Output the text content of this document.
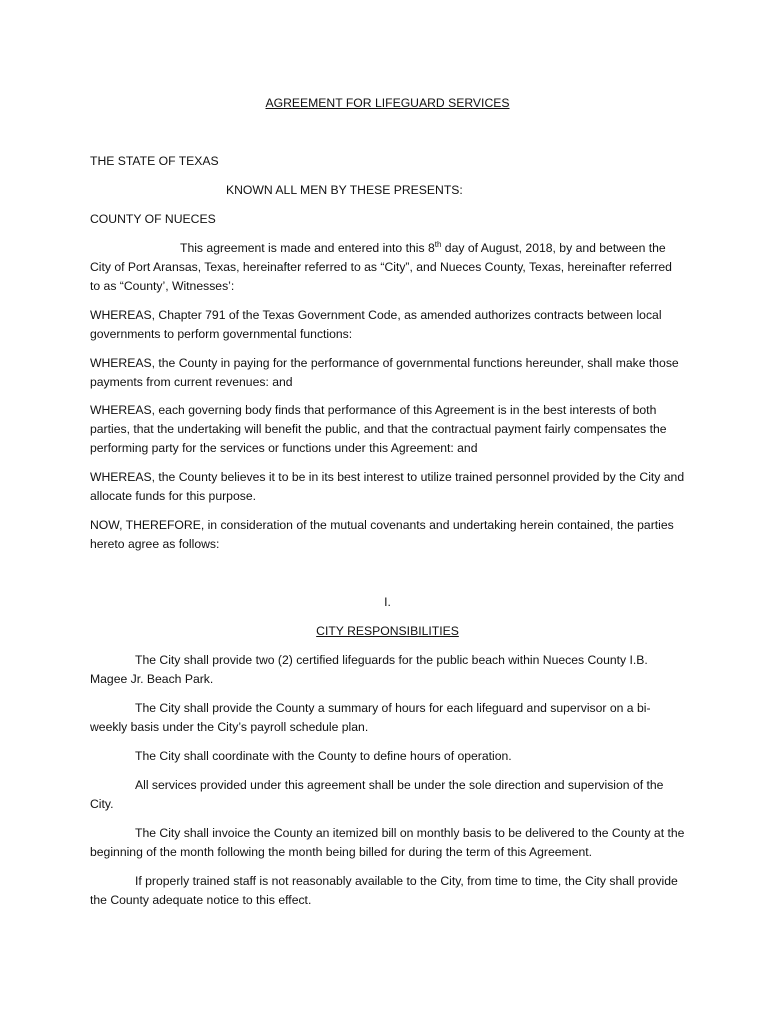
AGREEMENT FOR LIFEGUARD SERVICES

THE STATE OF TEXAS

KNOWN ALL MEN BY THESE PRESENTS:

COUNTY OF NUECES

This agreement is made and entered into this 8th day of August, 2018, by and between the City of Port Aransas, Texas, hereinafter referred to as “City”, and Nueces County, Texas, hereinafter referred to as “County’, Witnesses’:

WHEREAS, Chapter 791 of the Texas Government Code, as amended authorizes contracts between local governments to perform governmental functions:

WHEREAS, the County in paying for the performance of governmental functions hereunder, shall make those payments from current revenues: and

WHEREAS, each governing body finds that performance of this Agreement is in the best interests of both parties, that the undertaking will benefit the public, and that the contractual payment fairly compensates the performing party for the services or functions under this Agreement: and

WHEREAS, the County believes it to be in its best interest to utilize trained personnel provided by the City and allocate funds for this purpose.

NOW, THEREFORE, in consideration of the mutual covenants and undertaking herein contained, the parties hereto agree as follows:

I.

CITY RESPONSIBILITIES

The City shall provide two (2) certified lifeguards for the public beach within Nueces County I.B. Magee Jr. Beach Park.

The City shall provide the County a summary of hours for each lifeguard and supervisor on a bi-weekly basis under the City’s payroll schedule plan.

The City shall coordinate with the County to define hours of operation.

All services provided under this agreement shall be under the sole direction and supervision of the City.

The City shall invoice the County an itemized bill on monthly basis to be delivered to the County at the beginning of the month following the month being billed for during the term of this Agreement.

If properly trained staff is not reasonably available to the City, from time to time, the City shall provide the County adequate notice to this effect.
